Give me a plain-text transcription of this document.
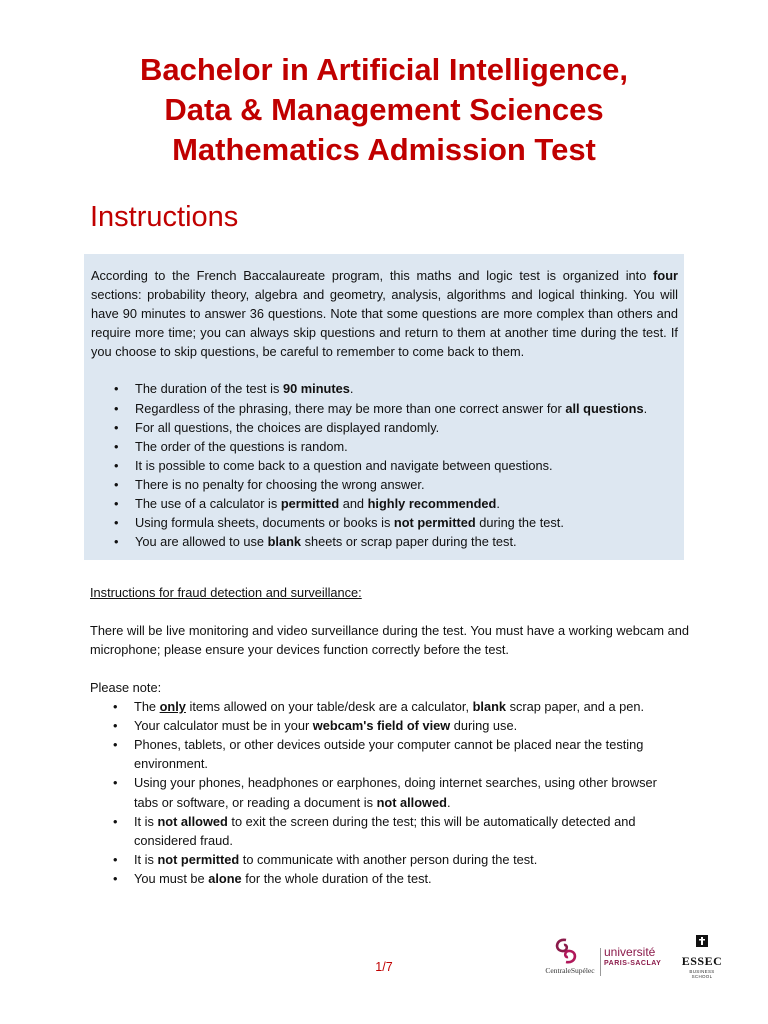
Bachelor in Artificial Intelligence,
Data & Management Sciences
Mathematics Admission Test
Instructions

According to the French Baccalaureate program, this maths and logic test is organized into four sections: probability theory, algebra and geometry, analysis, algorithms and logical thinking. You will have 90 minutes to answer 36 questions. Note that some questions are more complex than others and require more time; you can always skip questions and return to them at another time during the test. If you choose to skip questions, be careful to remember to come back to them.

• The duration of the test is 90 minutes.
• Regardless of the phrasing, there may be more than one correct answer for all questions.
• For all questions, the choices are displayed randomly.
• The order of the questions is random.
• It is possible to come back to a question and navigate between questions.
• There is no penalty for choosing the wrong answer.
• The use of a calculator is permitted and highly recommended.
• Using formula sheets, documents or books is not permitted during the test.
• You are allowed to use blank sheets or scrap paper during the test.

Instructions for fraud detection and surveillance:

There will be live monitoring and video surveillance during the test. You must have a working webcam and microphone; please ensure your devices function correctly before the test.

Please note:

• The only items allowed on your table/desk are a calculator, blank scrap paper, and a pen.
• Your calculator must be in your webcam's field of view during use.
• Phones, tablets, or other devices outside your computer cannot be placed near the testing environment.
• Using your phones, headphones or earphones, doing internet searches, using other browser tabs or software, or reading a document is not allowed.
• It is not allowed to exit the screen during the test; this will be automatically detected and considered fraud.
• It is not permitted to communicate with another person during the test.
• You must be alone for the whole duration of the test.
1/7	CentraleSupélec
université
PARIS-SACLAY ESSEC
BUSINESS SCHOOL
